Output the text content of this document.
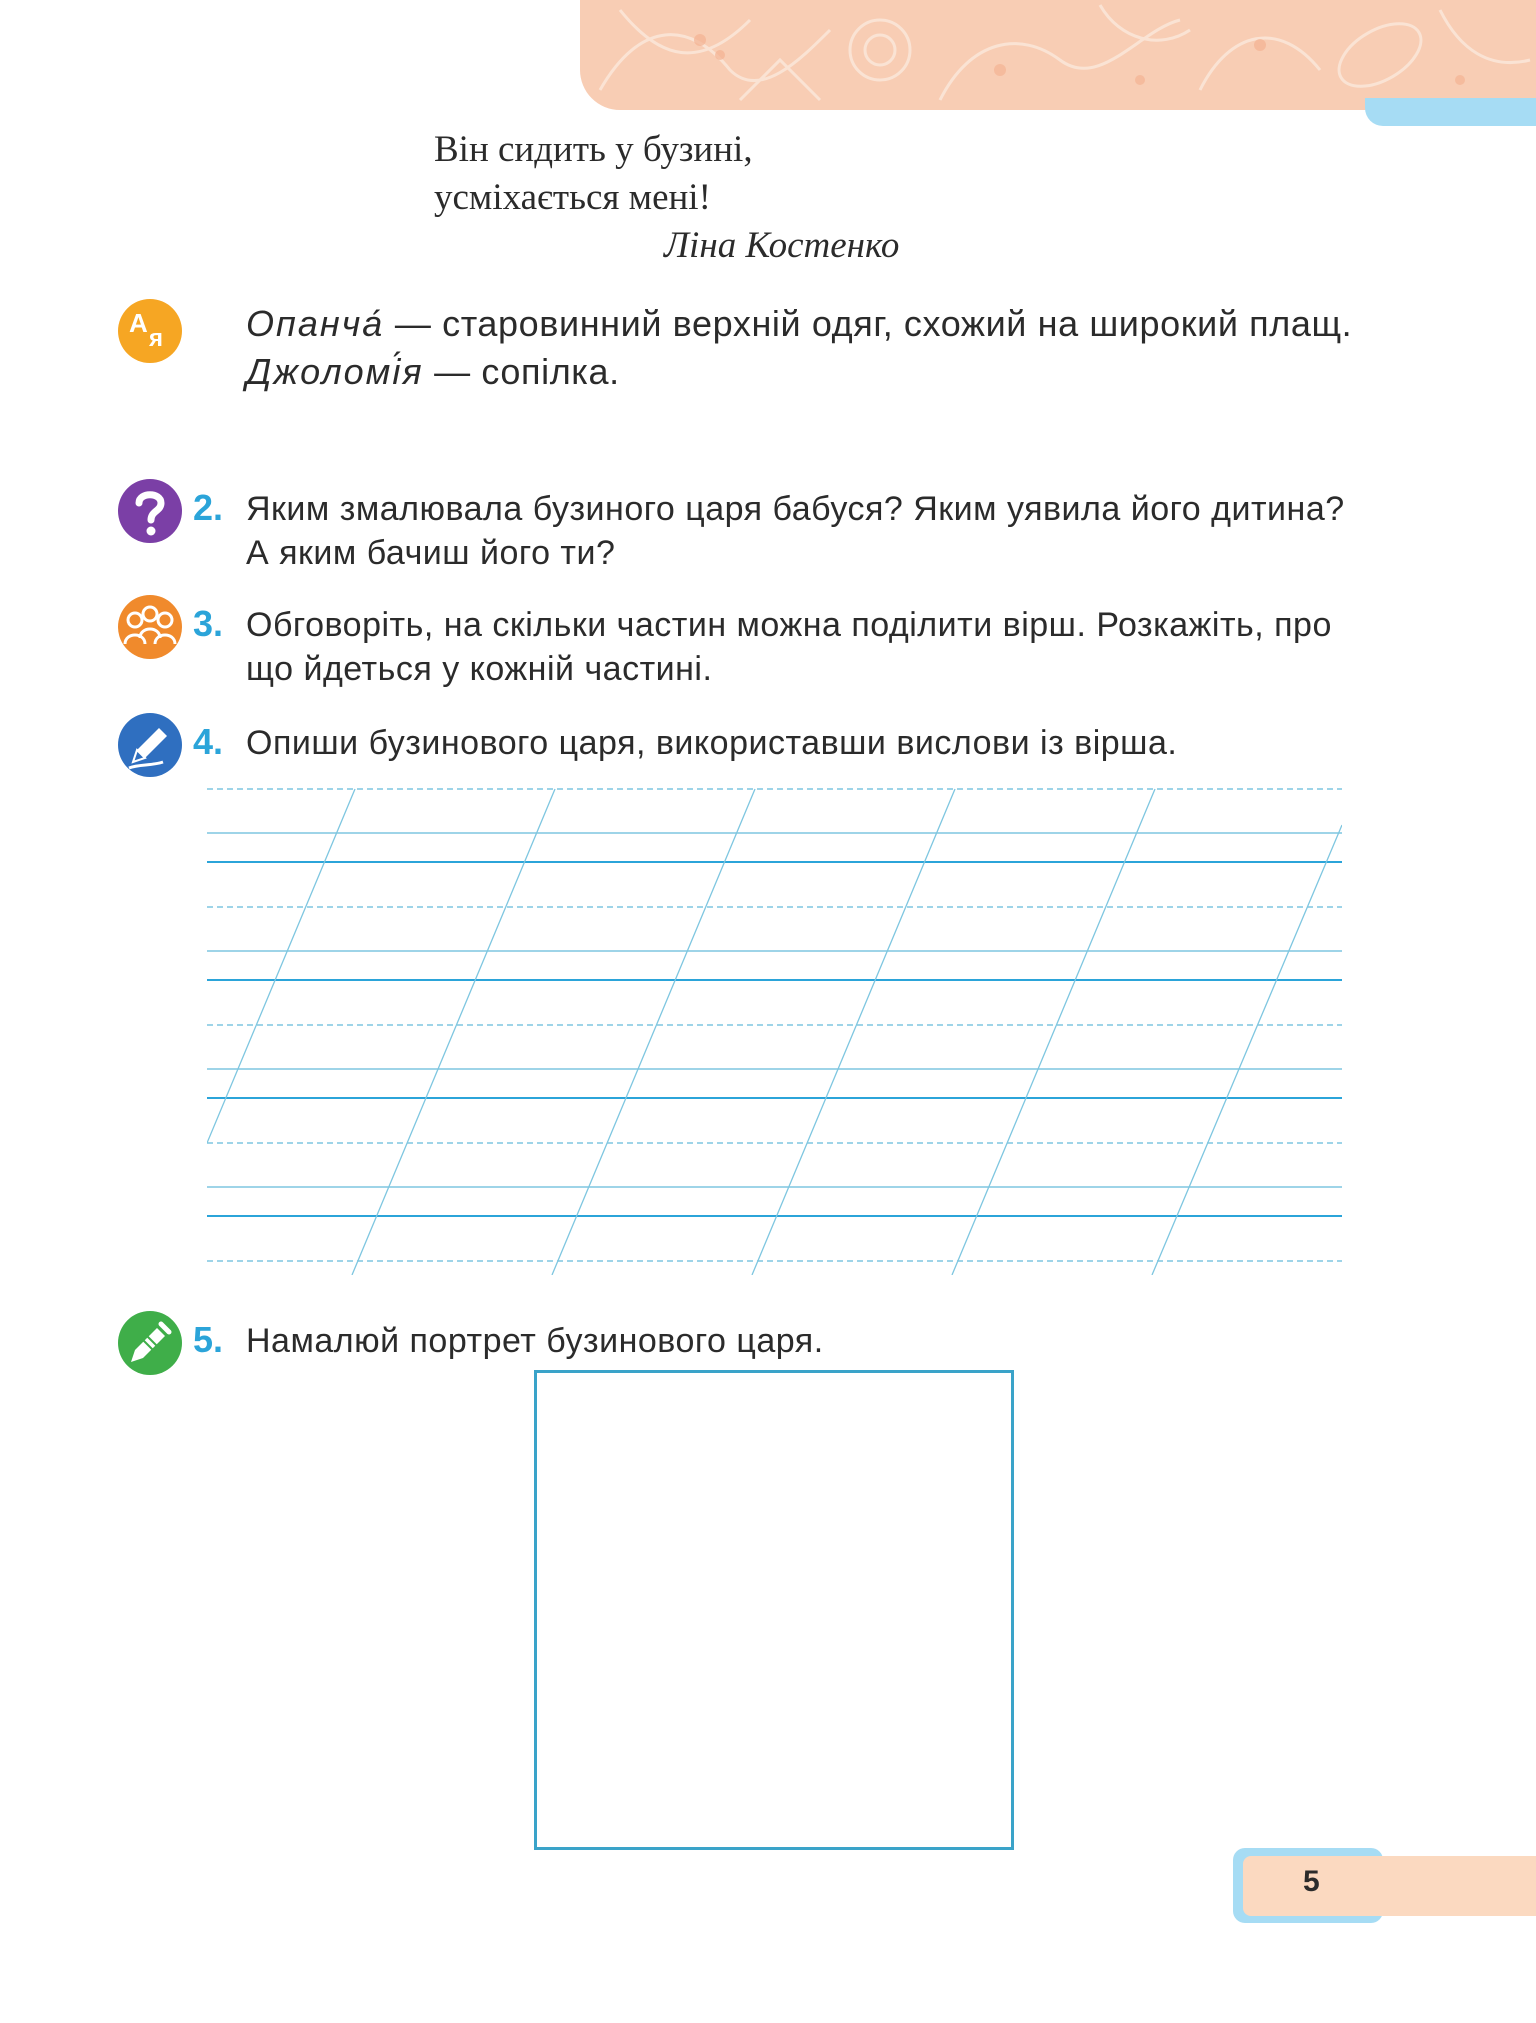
Він сидить у бузині,
усміхається мені!
Ліна Костенко
А
я Опанча́ — старовинний верхній одяг, схожий на широкий плащ.
Джоломі́я — сопілка.
2. Яким змалювала бузиного царя бабуся? Яким уявила його дитина? А яким бачиш його ти?
3. Обговоріть, на скільки частин можна поділити вірш. Розкажіть, про що йдеться у кожній частині.
4. Опиши бузинового царя, використавши вислови із вірша.
5. Намалюй портрет бузинового царя.
5
